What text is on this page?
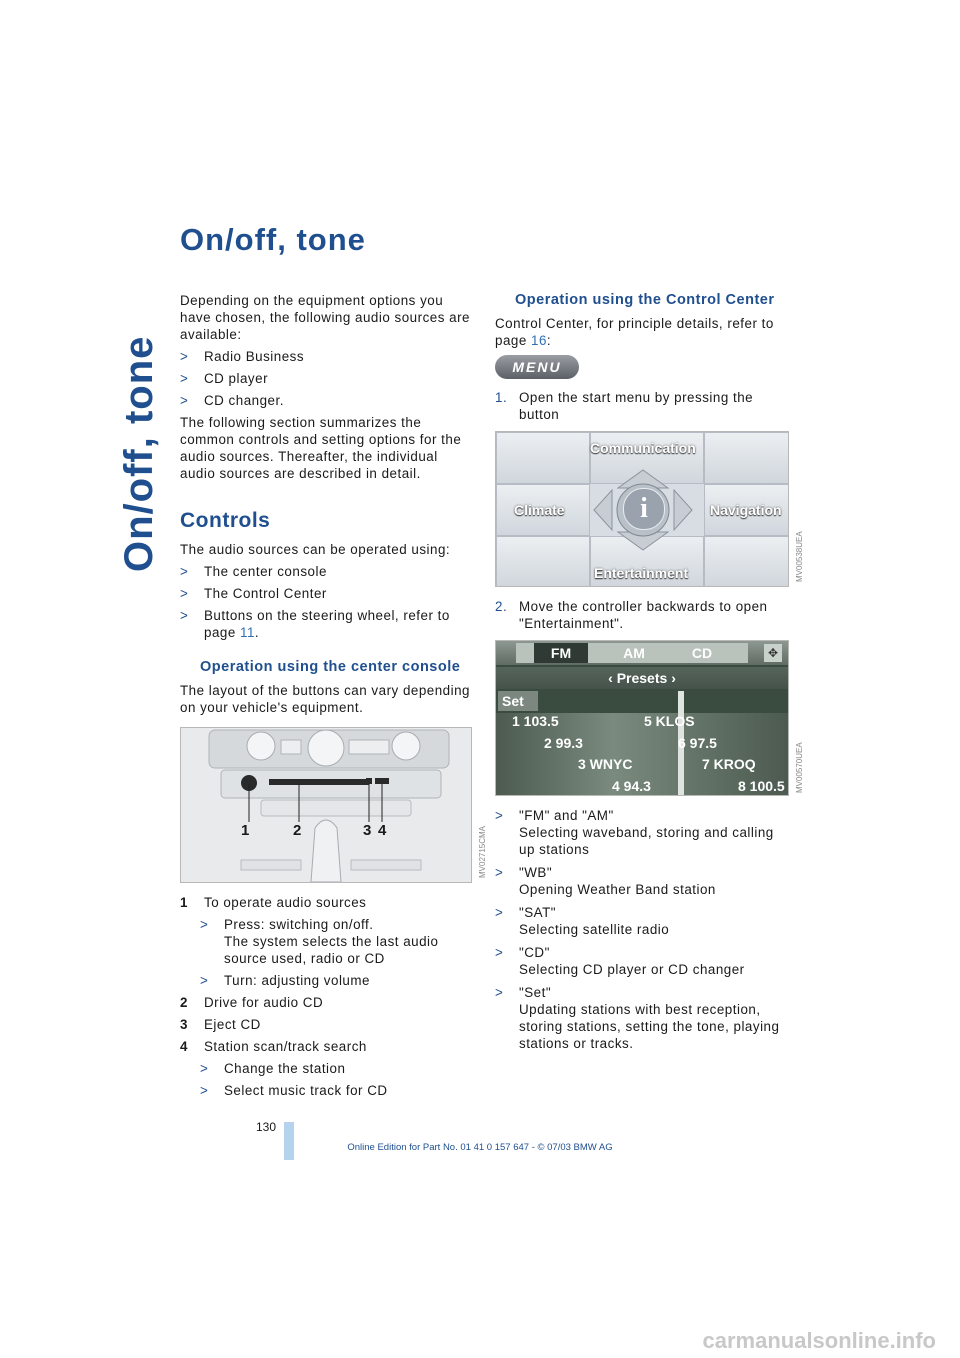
On/off, tone
On/off, tone

Depending on the equipment options you have chosen, the following audio sources are available:

> Radio Business
> CD player
> CD changer.

The following section summarizes the common controls and setting options for the audio sources. Thereafter, the individual audio sources are described in detail.

Controls

The audio sources can be operated using:

> The center console
> The Control Center
> Buttons on the steering wheel, refer to page 11.
Operation using the center console

The layout of the buttons can vary depending on your vehicle's equipment.

1	2	3 4	MV02715CMA
1 To operate audio sources
> Press: switching on/off.
The system selects the last audio source used, radio or CD
> Turn: adjusting volume
2 Drive for audio CD
3 Eject CD
4 Station scan/track search
> Change the station
> Select music track for CD
Operation using the Control Center

Control Center, for principle details, refer to page 16:

MENU
1. Open the start menu by pressing the button
i
Communication
Climate	Navigation
Entertainment	MV00538UEA
2. Move the controller backwards to open "Entertainment".
FM	AM	CD	✥
‹ Presets ›
Set
1 103.5	5 KLOS
2 99.3	6 97.5
3 WNYC	7 KROQ
4 94.3	8 100.5 MV00570UEA
> "FM" and "AM"
Selecting waveband, storing and calling up stations
> "WB"
Opening Weather Band station
> "SAT"
Selecting satellite radio
> "CD"
Selecting CD player or CD changer
> "Set"
Updating stations with best reception, storing stations, setting the tone, playing stations or tracks.
130
Online Edition for Part No. 01 41 0 157 647 - © 07/03 BMW AG
carmanualsonline.info
